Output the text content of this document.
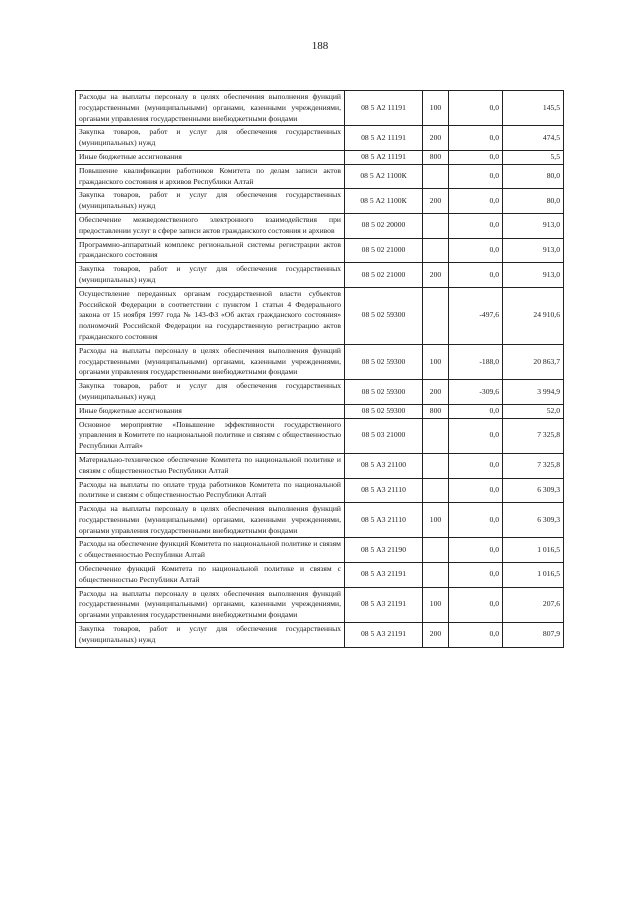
188
Расходы на выплаты персоналу в целях обеспечения выполнения функций государственными (муниципальными) органами, казенными учреждениями, органами управления государственными внебюджетными фондами	08 5 А2 11191	100	0,0	145,5
Закупка товаров, работ и услуг для обеспечения государственных (муниципальных) нужд	08 5 А2 11191	200	0,0	474,5
Иные бюджетные ассигнования	08 5 А2 11191	800	0,0	5,5
Повышение квалификации работников Комитета по делам записи актов гражданского состояния и архивов Республики Алтай	08 5 А2 1100К		0,0	80,0
Закупка товаров, работ и услуг для обеспечения государственных (муниципальных) нужд	08 5 А2 1100К	200	0,0	80,0
Обеспечение межведомственного электронного взаимодействия при предоставлении услуг в сфере записи актов гражданского состояния и архивов	08 5 02 20000		0,0	913,0
Программно-аппаратный комплекс региональной системы регистрации актов гражданского состояния	08 5 02 21000		0,0	913,0
Закупка товаров, работ и услуг для обеспечения государственных (муниципальных) нужд	08 5 02 21000	200	0,0	913,0
Осуществление переданных органам государственной власти субъектов Российской Федерации в соответствии с пунктом 1 статьи 4 Федерального закона от 15 ноября 1997 года № 143-ФЗ «Об актах гражданского состояния» полномочий Российской Федерации на государственную регистрацию актов гражданского состояния	08 5 02 59300		-497,6	24 910,6
Расходы на выплаты персоналу в целях обеспечения выполнения функций государственными (муниципальными) органами, казенными учреждениями, органами управления государственными внебюджетными фондами	08 5 02 59300	100	-188,0	20 863,7
Закупка товаров, работ и услуг для обеспечения государственных (муниципальных) нужд	08 5 02 59300	200	-309,6	3 994,9
Иные бюджетные ассигнования	08 5 02 59300	800	0,0	52,0
Основное мероприятие «Повышение эффективности государственного управления в Комитете по национальной политике и связям с общественностью Республики Алтай»	08 5 03 21000		0,0	7 325,8
Материально-техническое обеспечение Комитета по национальной политике и связям с общественностью Республики Алтай	08 5 А3 21100		0,0	7 325,8
Расходы на выплаты по оплате труда работников Комитета по национальной политике и связям с общественностью Республики Алтай	08 5 А3 21110		0,0	6 309,3
Расходы на выплаты персоналу в целях обеспечения выполнения функций государственными (муниципальными) органами, казенными учреждениями, органами управления государственными внебюджетными фондами	08 5 А3 21110	100	0,0	6 309,3
Расходы на обеспечение функций Комитета по национальной политике и связям с общественностью Республики Алтай	08 5 А3 21190		0,0	1 016,5
Обеспечение функций Комитета по национальной политике и связям с общественностью Республики Алтай	08 5 А3 21191		0,0	1 016,5
Расходы на выплаты персоналу в целях обеспечения выполнения функций государственными (муниципальными) органами, казенными учреждениями, органами управления государственными внебюджетными фондами	08 5 А3 21191	100	0,0	207,6
Закупка товаров, работ и услуг для обеспечения государственных (муниципальных) нужд	08 5 А3 21191	200	0,0	807,9
